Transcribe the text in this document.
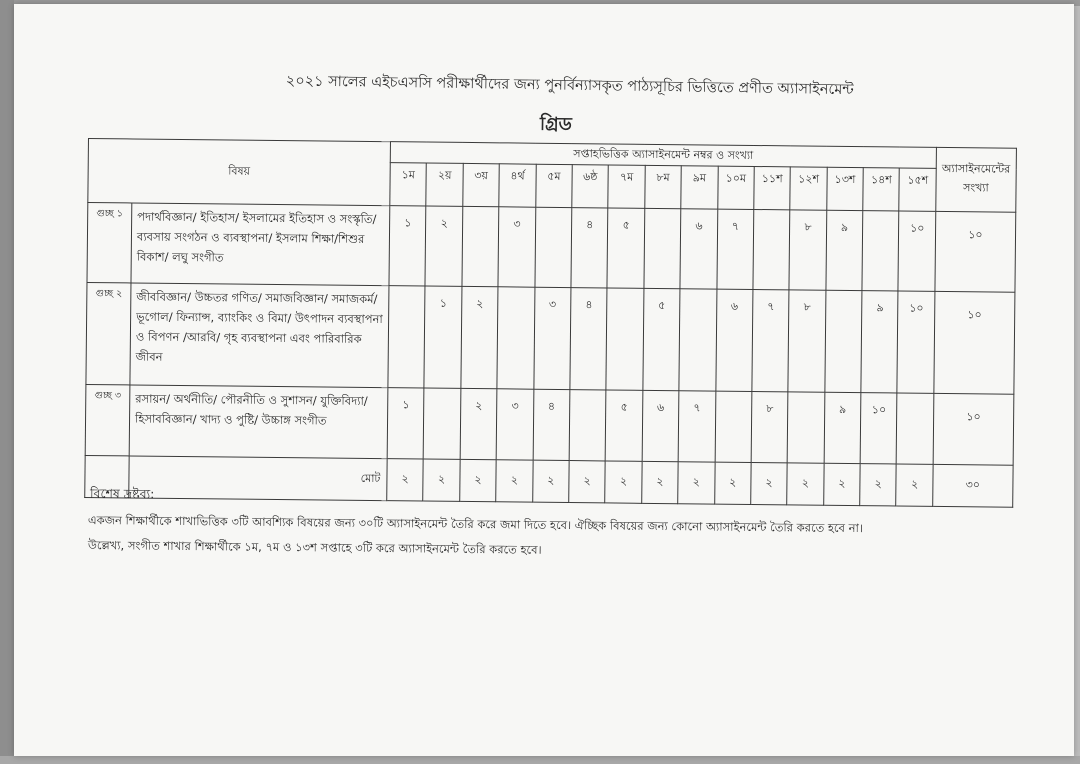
২০২১ সালের এইচএসসি পরীক্ষার্থীদের জন্য পুনর্বিন্যাসকৃত পাঠ্যসূচির ভিত্তিতে প্রণীত অ্যাসাইনমেন্ট
গ্রিড
বিষয়		সপ্তাহভিত্তিক অ্যাসাইনমেন্ট নম্বর ও সংখ্যা															অ্যাসাইনমেন্টের সংখ্যা
		১ম	২য়	৩য়	৪র্থ	৫ম	৬ষ্ঠ	৭ম	৮ম	৯ম	১০ম	১১শ	১২শ	১৩শ	১৪শ	১৫শ	
গুচ্ছ ১	পদার্থবিজ্ঞান/ ইতিহাস/ ইসলামের ইতিহাস ও সংস্কৃতি/ ব্যবসায় সংগঠন ও ব্যবস্থাপনা/ ইসলাম শিক্ষা/শিশুর বিকাশ/ লঘু সংগীত	১	২		৩		৪	৫		৬	৭		৮	৯		১০	১০
গুচ্ছ ২	জীববিজ্ঞান/ উচ্চতর গণিত/ সমাজবিজ্ঞান/ সমাজকর্ম/ ভূগোল/ ফিন্যান্স, ব্যাংকিং ও বিমা/ উৎপাদন ব্যবস্থাপনা ও বিপণন /আরবি/ গৃহ ব্যবস্থাপনা এবং পারিবারিক জীবন		১	২		৩	৪		৫		৬	৭	৮		৯	১০	১০
গুচ্ছ ৩	রসায়ন/ অর্থনীতি/ পৌরনীতি ও সুশাসন/ যুক্তিবিদ্যা/ হিসাববিজ্ঞান/ খাদ্য ও পুষ্টি/ উচ্চাঙ্গ সংগীত	১		২	৩	৪		৫	৬	৭		৮		৯	১০		১০
	মোট	২	২	২	২	২	২	২	২	২	২	২	২	২	২	২	৩০
বিশেষ দ্রষ্টব্য:
একজন শিক্ষার্থীকে শাখাভিত্তিক ৩টি আবশ্যিক বিষয়ের জন্য ৩০টি অ্যাসাইনমেন্ট তৈরি করে জমা দিতে হবে। ঐচ্ছিক বিষয়ের জন্য কোনো অ্যাসাইনমেন্ট তৈরি করতে হবে না।
উল্লেখ্য, সংগীত শাখার শিক্ষার্থীকে ১ম, ৭ম ও ১৩শ সপ্তাহে ৩টি করে অ্যাসাইনমেন্ট তৈরি করতে হবে।
